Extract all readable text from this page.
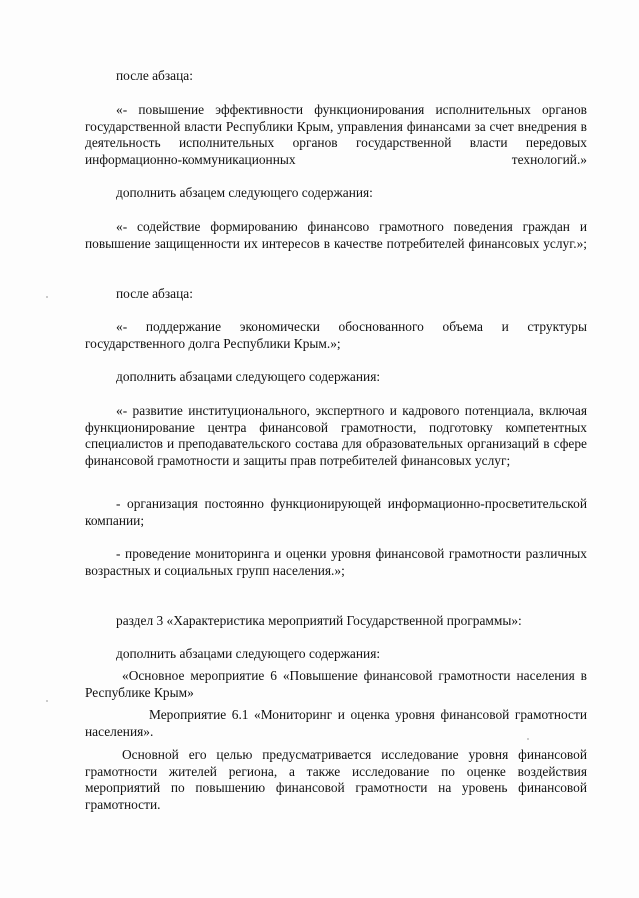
после абзаца:

«- повышение эффективности функционирования исполнительных органов государственной власти Республики Крым, управления финансами за счет внедрения в деятельность исполнительных органов государственной власти передовых информационно-коммуникационных технологий.»

дополнить абзацем следующего содержания:

«- содействие формированию финансово грамотного поведения граждан и повышение защищенности их интересов в качестве потребителей финансовых услуг.»;

после абзаца:

«- поддержание экономически обоснованного объема и структуры государственного долга Республики Крым.»;

дополнить абзацами следующего содержания:

«- развитие институционального, экспертного и кадрового потенциала, включая функционирование центра финансовой грамотности, подготовку компетентных специалистов и преподавательского состава для образовательных организаций в сфере финансовой грамотности и защиты прав потребителей финансовых услуг;

- организация постоянно функционирующей информационно-просветительской компании;

- проведение мониторинга и оценки уровня финансовой грамотности различных возрастных и социальных групп населения.»;

раздел 3 «Характеристика мероприятий Государственной программы»:

дополнить абзацами следующего содержания:

«Основное мероприятие 6 «Повышение финансовой грамотности населения в Республике Крым»

Мероприятие 6.1 «Мониторинг и оценка уровня финансовой грамотности населения».

Основной его целью предусматривается исследование уровня финансовой грамотности жителей региона, а также исследование по оценке воздействия мероприятий по повышению финансовой грамотности на уровень финансовой грамотности.
